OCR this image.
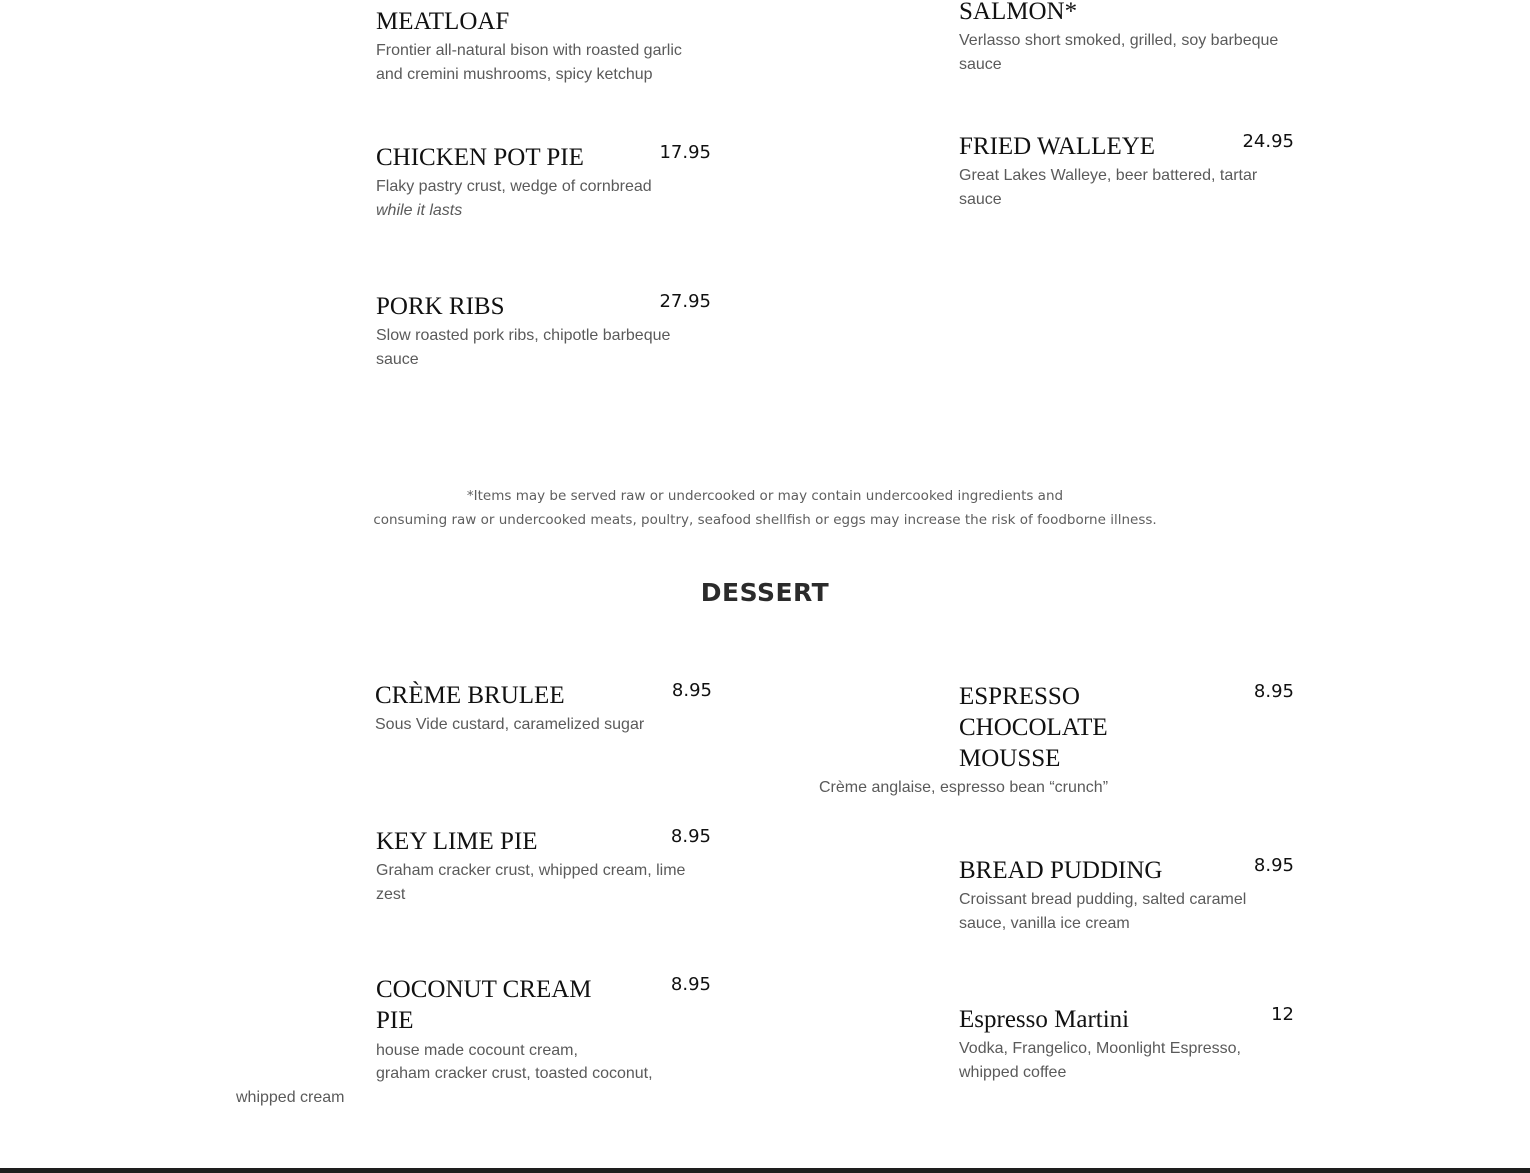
MEATLOAF
Frontier all-natural bison with roasted garlic and cremini mushrooms, spicy ketchup
SALMON*
Verlasso short smoked, grilled, soy barbeque sauce
CHICKEN POT PIE	17.95
Flaky pastry crust, wedge of cornbread
while it lasts
FRIED WALLEYE	24.95
Great Lakes Walleye, beer battered, tartar sauce
PORK RIBS	27.95
Slow roasted pork ribs, chipotle barbeque sauce
*Items may be served raw or undercooked or may contain undercooked ingredients and
consuming raw or undercooked meats, poultry, seafood shellfish or eggs may increase the risk of foodborne illness.
DESSERT
CRÈME BRULEE	8.95
Sous Vide custard, caramelized sugar
ESPRESSO CHOCOLATE MOUSSE
8.95
Crème anglaise, espresso bean “crunch”
KEY LIME PIE	8.95
Graham cracker crust, whipped cream, lime zest
BREAD PUDDING	8.95
Croissant bread pudding, salted caramel sauce, vanilla ice cream
COCONUT CREAM PIE
8.95
house made cocount cream,
graham cracker crust, toasted coconut,
whipped cream
Espresso Martini	12
Vodka, Frangelico, Moonlight Espresso, whipped coffee
